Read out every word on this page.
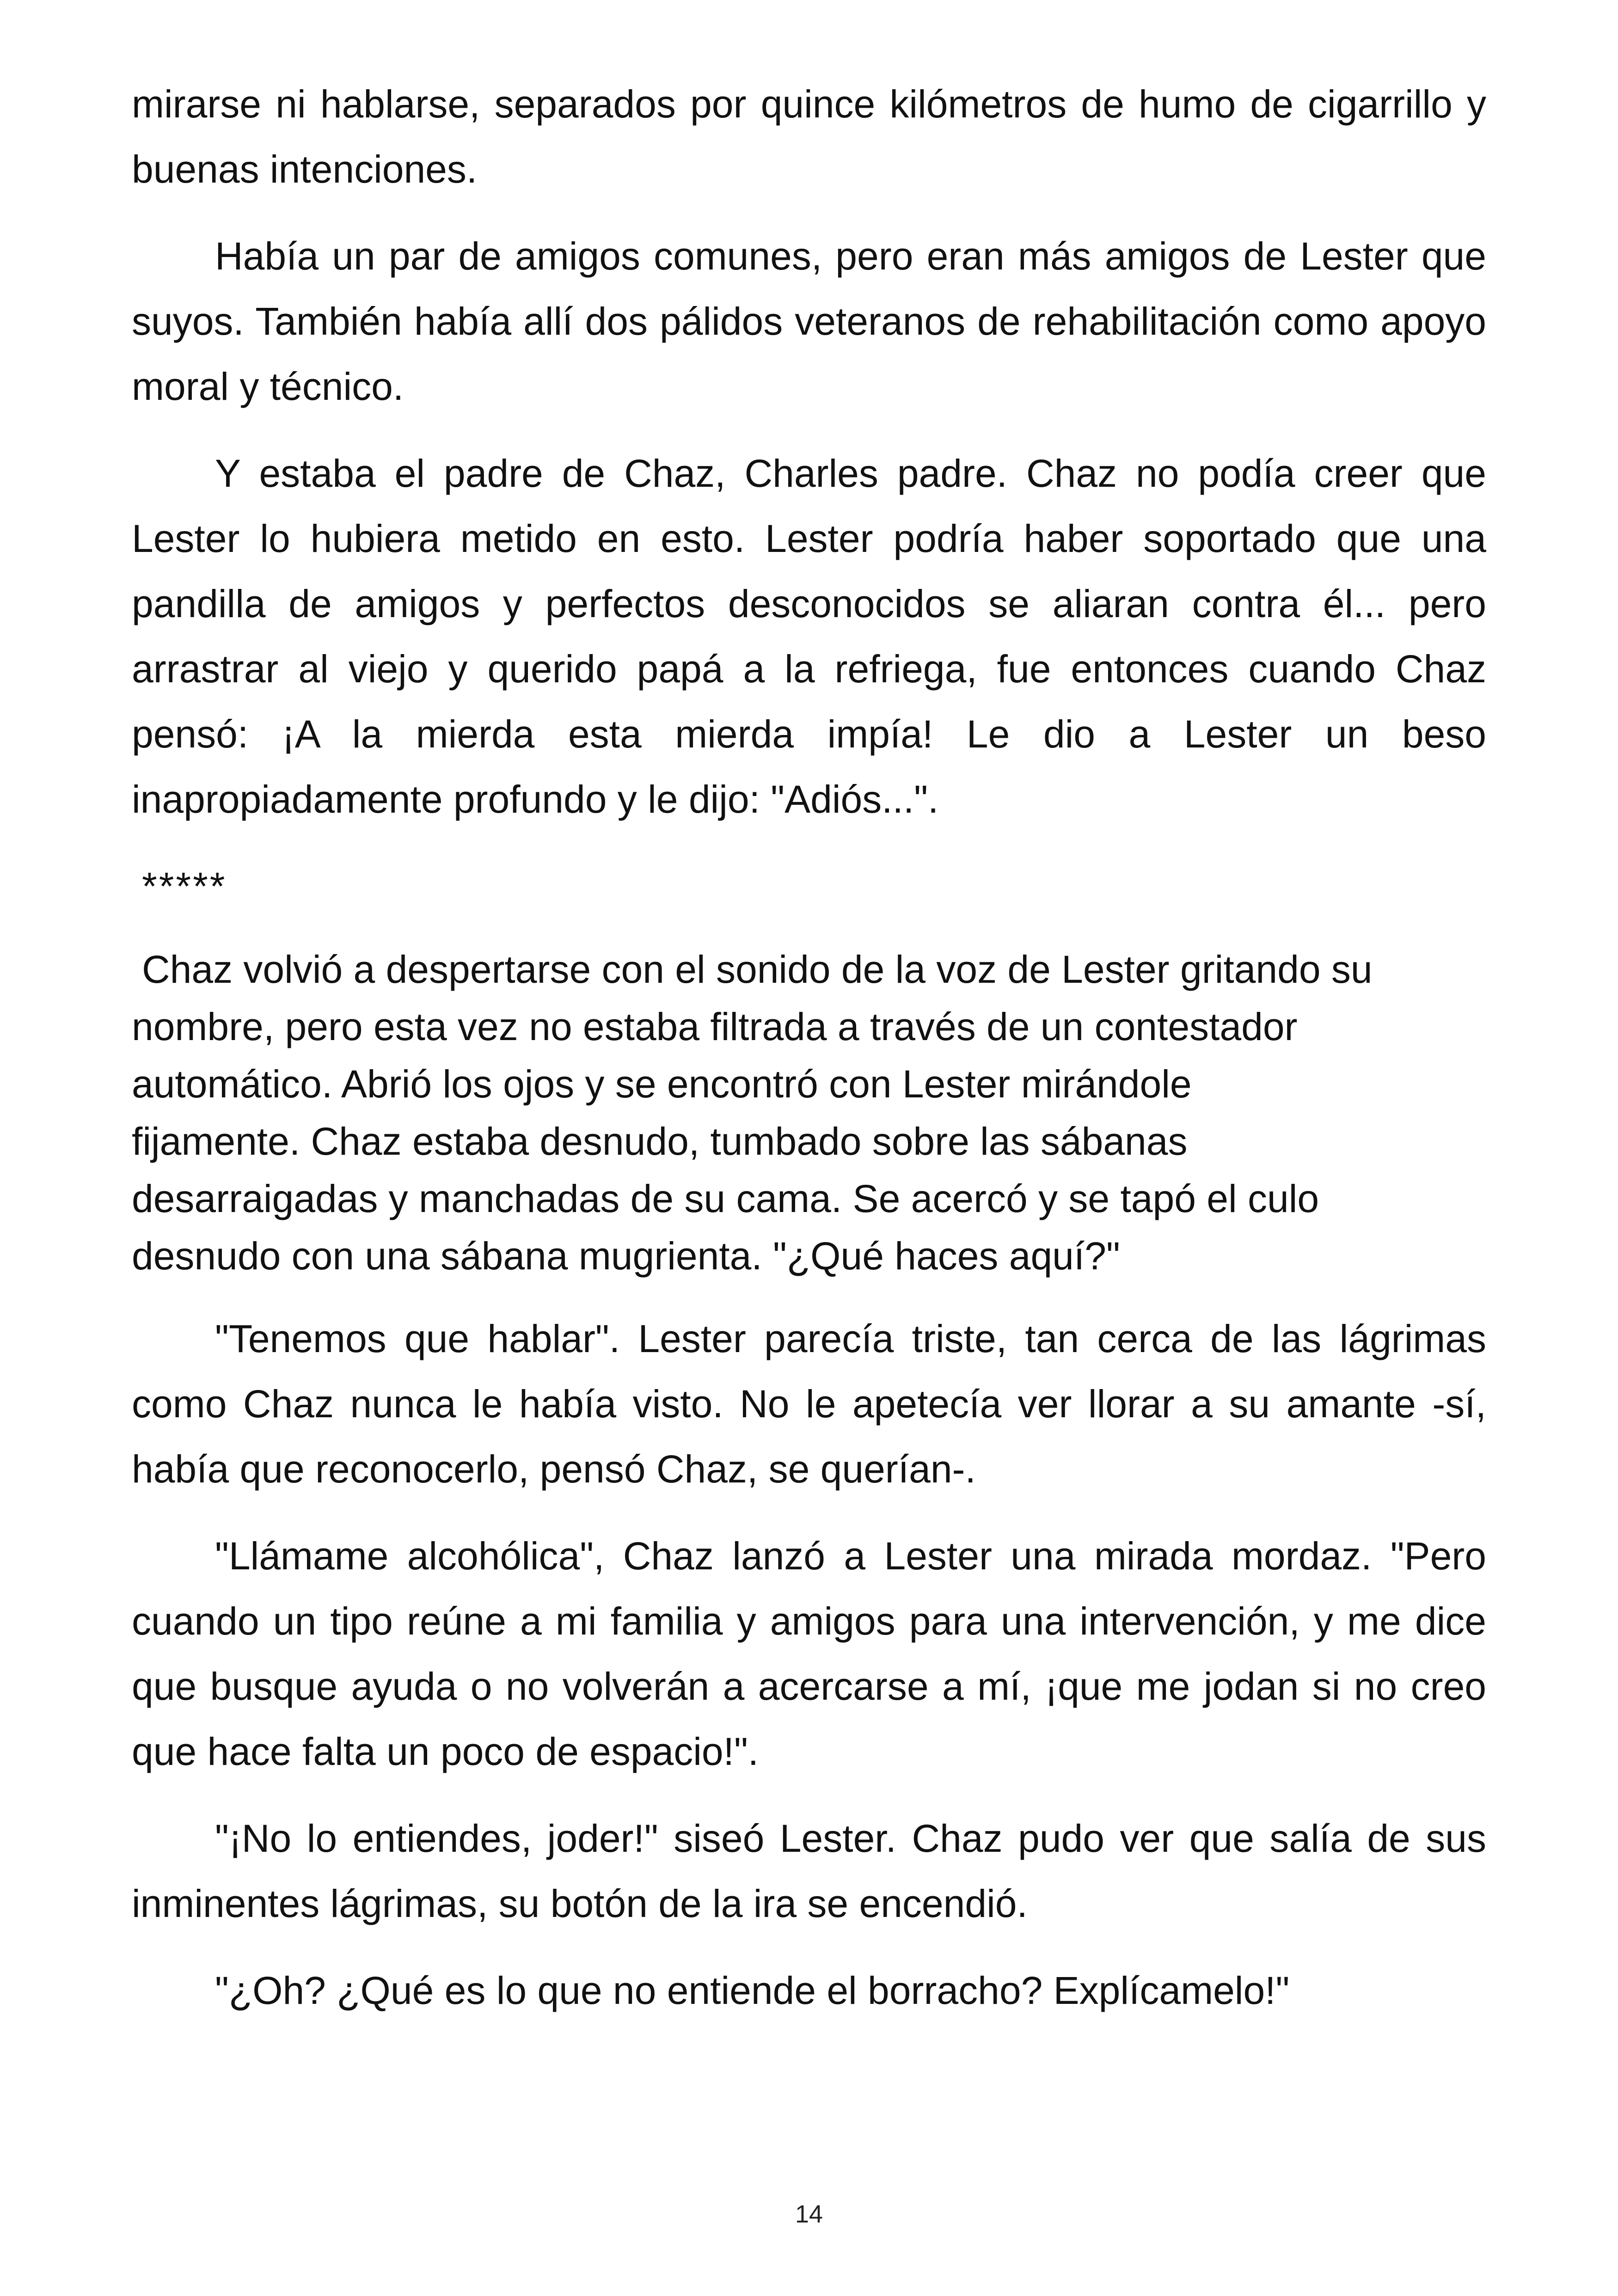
mirarse ni hablarse, separados por quince kilómetros de humo de cigarrillo y buenas intenciones.

Había un par de amigos comunes, pero eran más amigos de Lester que suyos. También había allí dos pálidos veteranos de rehabilitación como apoyo moral y técnico.

Y estaba el padre de Chaz, Charles padre. Chaz no podía creer que Lester lo hubiera metido en esto. Lester podría haber soportado que una pandilla de amigos y perfectos desconocidos se aliaran contra él... pero arrastrar al viejo y querido papá a la refriega, fue entonces cuando Chaz pensó: ¡A la mierda esta mierda impía! Le dio a Lester un beso inapropiadamente profundo y le dijo: "Adiós...".

*****

Chaz volvió a despertarse con el sonido de la voz de Lester gritando su
nombre, pero esta vez no estaba filtrada a través de un contestador
automático. Abrió los ojos y se encontró con Lester mirándole
fijamente. Chaz estaba desnudo, tumbado sobre las sábanas
desarraigadas y manchadas de su cama. Se acercó y se tapó el culo
desnudo con una sábana mugrienta. "¿Qué haces aquí?"

"Tenemos que hablar". Lester parecía triste, tan cerca de las lágrimas como Chaz nunca le había visto. No le apetecía ver llorar a su amante -sí, había que reconocerlo, pensó Chaz, se querían-.

"Llámame alcohólica", Chaz lanzó a Lester una mirada mordaz. "Pero cuando un tipo reúne a mi familia y amigos para una intervención, y me dice que busque ayuda o no volverán a acercarse a mí, ¡que me jodan si no creo que hace falta un poco de espacio!".

"¡No lo entiendes, joder!" siseó Lester. Chaz pudo ver que salía de sus inminentes lágrimas, su botón de la ira se encendió.

"¿Oh? ¿Qué es lo que no entiende el borracho? Explícamelo!"

14
